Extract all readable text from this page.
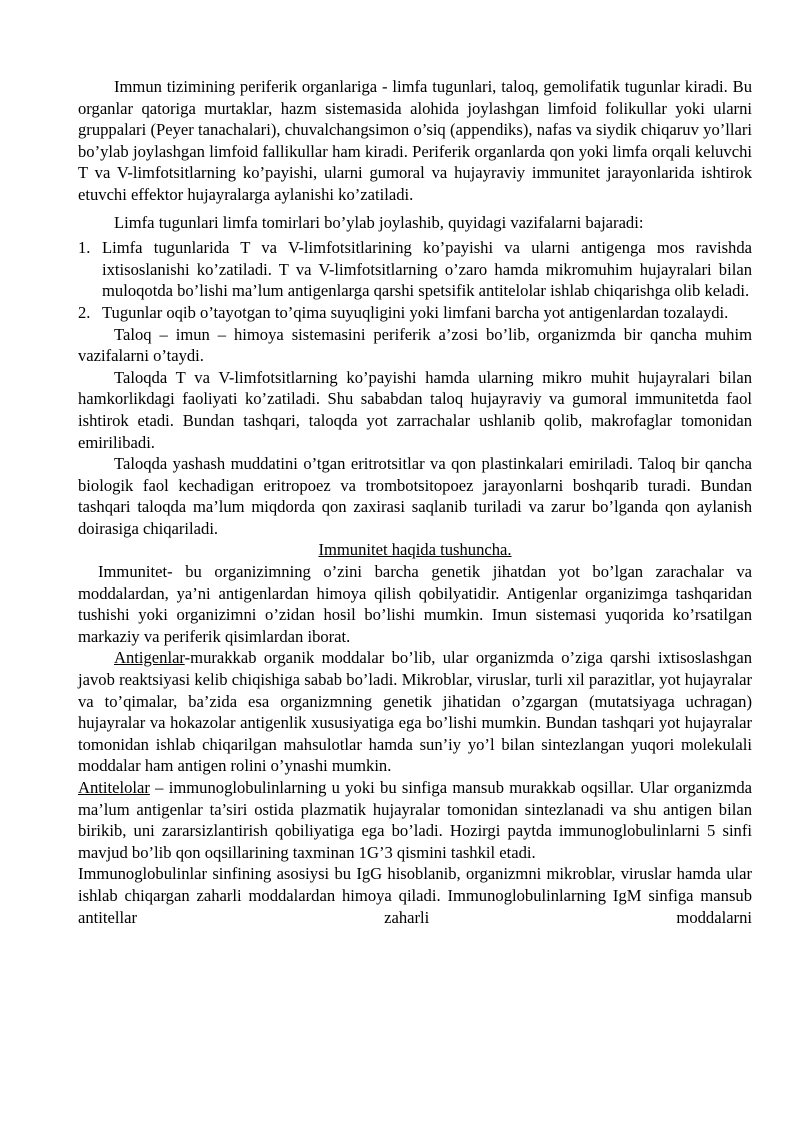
Immun tizimining periferik organlariga - limfa tugunlari, taloq, gemolifatik tugunlar kiradi. Bu organlar qatoriga murtaklar, hazm sistemasida alohida joylashgan limfoid folikullar yoki ularni gruppalari (Peyer tanachalari), chuvalchangsimon o’siq (appendiks), nafas va siydik chiqaruv yo’llari bo’ylab joylashgan limfoid fallikullar ham kiradi. Periferik organlarda qon yoki limfa orqali keluvchi T va V-limfotsitlarning ko’payishi, ularni gumoral va hujayraviy immunitet jarayonlarida ishtirok etuvchi effektor hujayralarga aylanishi ko’zatiladi.

Limfa tugunlari limfa tomirlari bo’ylab joylashib, quyidagi vazifalarni bajaradi:

1. Limfa tugunlarida T va V-limfotsitlarining ko’payishi va ularni antigenga mos ravishda ixtisoslanishi ko’zatiladi. T va V-limfotsitlarning o’zaro hamda mikromuhim hujayralari bilan muloqotda bo’lishi ma’lum antigenlarga qarshi spetsifik antitelolar ishlab chiqarishga olib keladi.
2. Tugunlar oqib o’tayotgan to’qima suyuqligini yoki limfani barcha yot antigenlardan tozalaydi.

Taloq – imun – himoya sistemasini periferik a’zosi bo’lib, organizmda bir qancha muhim vazifalarni o’taydi.

Taloqda T va V-limfotsitlarning ko’payishi hamda ularning mikro muhit hujayralari bilan hamkorlikdagi faoliyati ko’zatiladi. Shu sababdan taloq hujayraviy va gumoral immunitetda faol ishtirok etadi. Bundan tashqari, taloqda yot zarrachalar ushlanib qolib, makrofaglar tomonidan emirilibadi.

Taloqda yashash muddatini o’tgan eritrotsitlar va qon plastinkalari emiriladi. Taloq bir qancha biologik faol kechadigan eritropoez va trombotsitopoez jarayonlarni boshqarib turadi. Bundan tashqari taloqda ma’lum miqdorda qon zaxirasi saqlanib turiladi va zarur bo’lganda qon aylanish doirasiga chiqariladi.

Immunitet haqida tushuncha.

Immunitet- bu organizimning o’zini barcha genetik jihatdan yot bo’lgan zarachalar va moddalardan, ya’ni antigenlardan himoya qilish qobilyatidir. Antigenlar organizimga tashqaridan tushishi yoki organizimni o’zidan hosil bo’lishi mumkin. Imun sistemasi yuqorida ko’rsatilgan markaziy va periferik qisimlardan iborat.

Antigenlar-murakkab organik moddalar bo’lib, ular organizmda o’ziga qarshi ixtisoslashgan javob reaktsiyasi kelib chiqishiga sabab bo’ladi. Mikroblar, viruslar, turli xil parazitlar, yot hujayralar va to’qimalar, ba’zida esa organizmning genetik jihatidan o’zgargan (mutatsiyaga uchragan) hujayralar va hokazolar antigenlik xususiyatiga ega bo’lishi mumkin. Bundan tashqari yot hujayralar tomonidan ishlab chiqarilgan mahsulotlar hamda sun’iy yo’l bilan sintezlangan yuqori molekulali moddalar ham antigen rolini o’ynashi mumkin.

Antitelolar – immunoglobulinlarning u yoki bu sinfiga mansub murakkab oqsillar. Ular organizmda ma’lum antigenlar ta’siri ostida plazmatik hujayralar tomonidan sintezlanadi va shu antigen bilan birikib, uni zararsizlantirish qobiliyatiga ega bo’ladi. Hozirgi paytda immunoglobulinlarni 5 sinfi mavjud bo’lib qon oqsillarining taxminan 1G’3 qismini tashkil etadi.

Immunoglobulinlar sinfining asosiysi bu IgG hisoblanib, organizmni mikroblar, viruslar hamda ular ishlab chiqargan zaharli moddalardan himoya qiladi. Immunoglobulinlarning IgM sinfiga mansub antitellar zaharli moddalarni
